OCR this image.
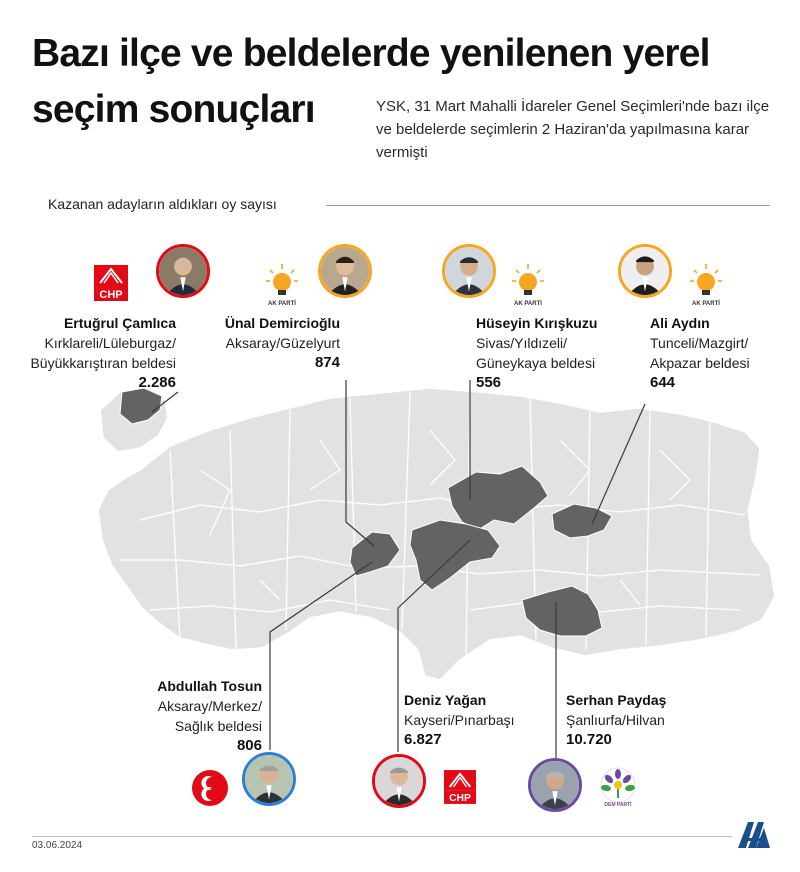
Bazı ilçe ve beldelerde yenilenen yerel
seçim sonuçları	YSK, 31 Mart Mahalli İdareler Genel Seçimleri'nde bazı ilçe ve beldelerde seçimlerin 2 Haziran'da yapılmasına karar vermişti
Kazanan adayların aldıkları oy sayısı
CHP
Ertuğrul Çamlıca
Kırklareli/Lüleburgaz/
Büyükkarıştıran beldesi
2.286
AK PARTİ
Ünal Demircioğlu
Aksaray/Güzelyurt
874
AK PARTİ
Hüseyin Kırışkuzu
Sivas/Yıldızeli/
Güneykaya beldesi
556
AK PARTİ
Ali Aydın
Tunceli/Mazgirt/
Akpazar beldesi
644
Abdullah Tosun
Aksaray/Merkez/
Sağlık beldesi
806
Deniz Yağan
Kayseri/Pınarbaşı
6.827
CHP
Serhan Paydaş
Şanlıurfa/Hilvan
10.720
DEM PARTİ
03.06.2024
